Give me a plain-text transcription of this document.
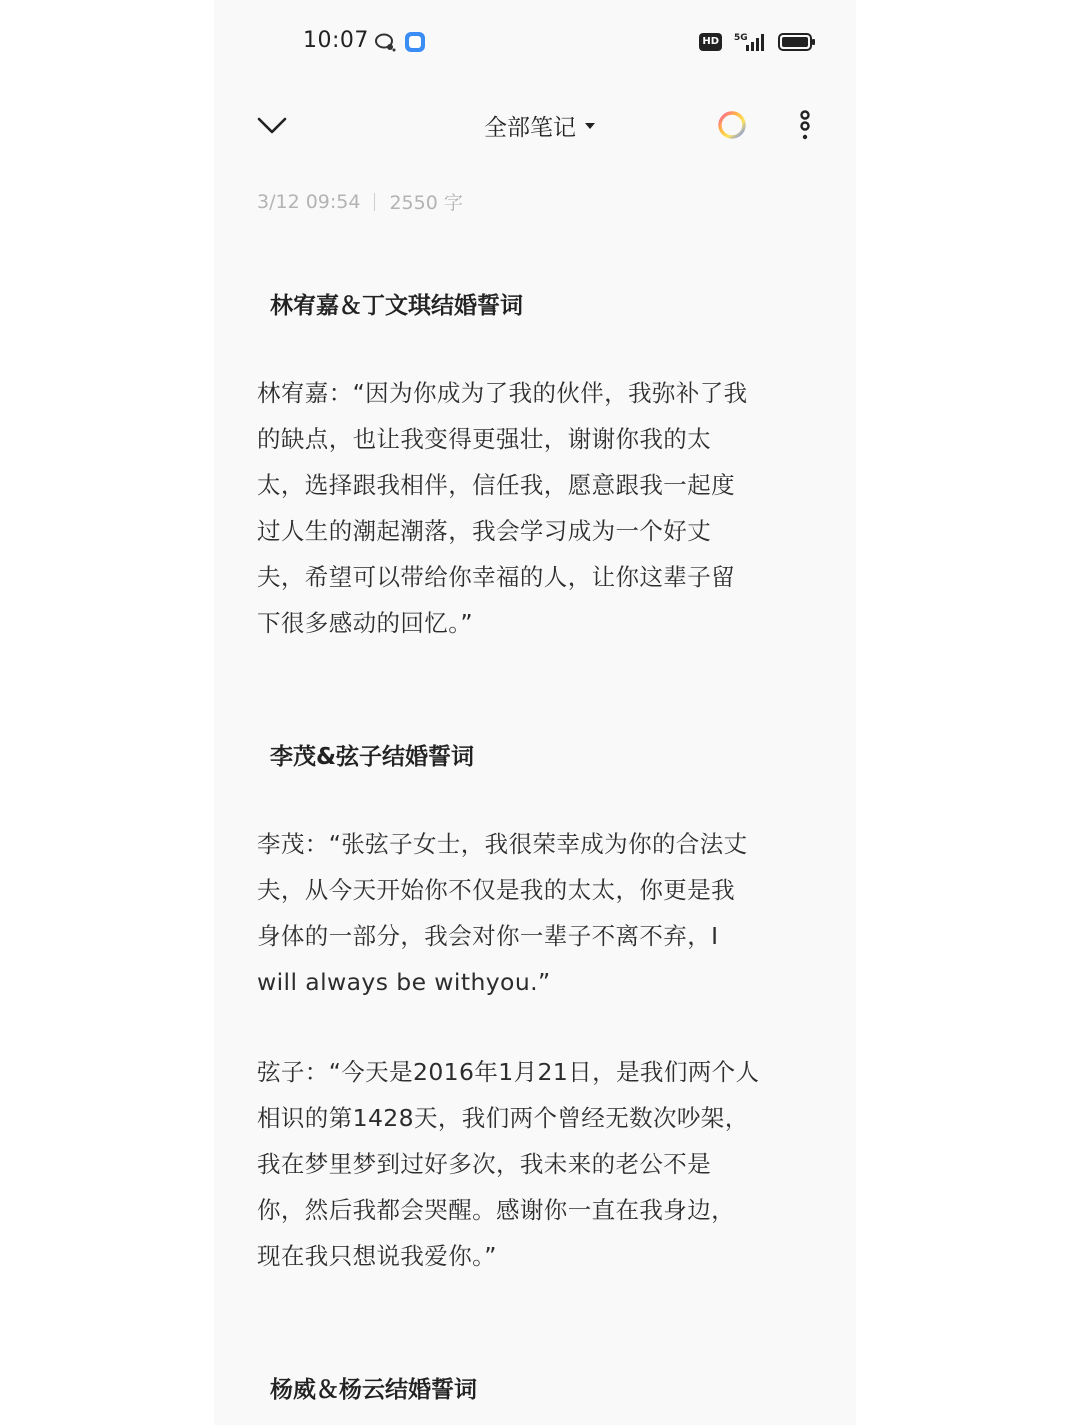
10:07	HD	5G
全部笔记
3/12 09:54 2550 字

林宥嘉＆丁文琪结婚誓词

林宥嘉：“因为你成为了我的伙伴，我弥补了我

的缺点，也让我变得更强壮，谢谢你我的太

太，选择跟我相伴，信任我，愿意跟我一起度

过人生的潮起潮落，我会学习成为一个好丈

夫，希望可以带给你幸福的人，让你这辈子留

下很多感动的回忆。”

李茂&弦子结婚誓词

李茂：“张弦子女士，我很荣幸成为你的合法丈

夫，从今天开始你不仅是我的太太，你更是我

身体的一部分，我会对你一辈子不离不弃，I

will always be withyou.”

弦子：“今天是2016年1月21日，是我们两个人

相识的第1428天，我们两个曾经无数次吵架，

我在梦里梦到过好多次，我未来的老公不是

你，然后我都会哭醒。感谢你一直在我身边，

现在我只想说我爱你。”

杨威＆杨云结婚誓词
